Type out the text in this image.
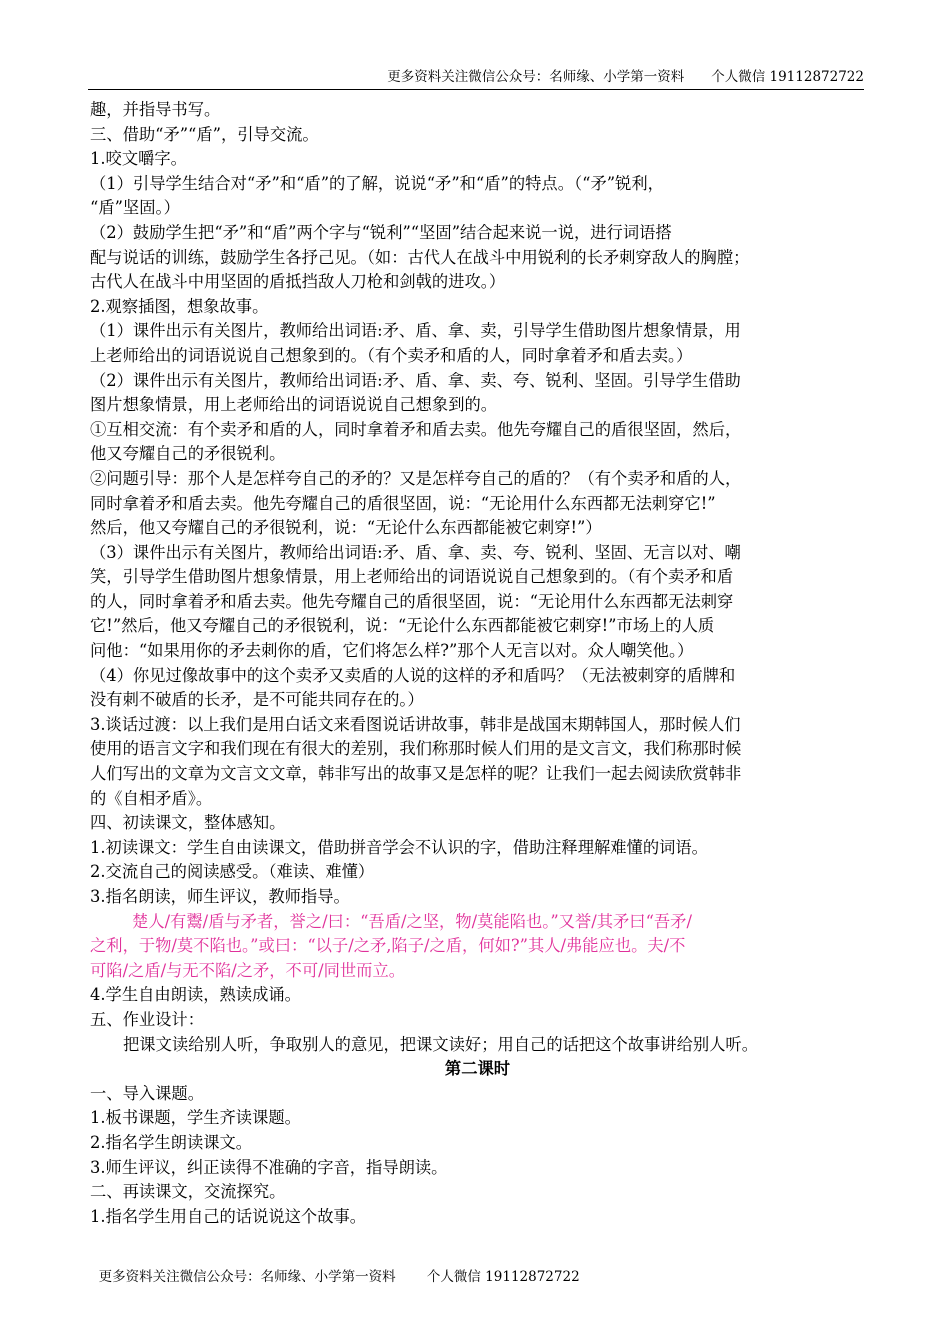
更多资料关注微信公众号：名师缘、小学第一资料　　个人微信 19112872722

趣，并指导书写。

三、借助“矛”“盾”，引导交流。

1.咬文嚼字。

（1）引导学生结合对“矛”和“盾”的了解，说说“矛”和“盾”的特点。（“矛”锐利，

“盾”坚固。）

（2）鼓励学生把“矛”和“盾”两个字与“锐利”“坚固”结合起来说一说，进行词语搭

配与说话的训练，鼓励学生各抒己见。（如：古代人在战斗中用锐利的长矛刺穿敌人的胸膛；

古代人在战斗中用坚固的盾抵挡敌人刀枪和剑戟的进攻。）

2.观察插图，想象故事。

（1）课件出示有关图片，教师给出词语:矛、盾、拿、卖，引导学生借助图片想象情景，用

上老师给出的词语说说自己想象到的。（有个卖矛和盾的人，同时拿着矛和盾去卖。）

（2）课件出示有关图片，教师给出词语:矛、盾、拿、卖、夸、锐利、坚固。引导学生借助

图片想象情景，用上老师给出的词语说说自己想象到的。

①互相交流：有个卖矛和盾的人，同时拿着矛和盾去卖。他先夸耀自己的盾很坚固，然后，

他又夸耀自己的矛很锐利。

②问题引导：那个人是怎样夸自己的矛的？又是怎样夸自己的盾的？（有个卖矛和盾的人，

同时拿着矛和盾去卖。他先夸耀自己的盾很坚固，说：“无论用什么东西都无法刺穿它!”

然后，他又夸耀自己的矛很锐利，说：“无论什么东西都能被它刺穿!”）

（3）课件出示有关图片，教师给出词语:矛、盾、拿、卖、夸、锐利、坚固、无言以对、嘲

笑，引导学生借助图片想象情景，用上老师给出的词语说说自己想象到的。（有个卖矛和盾

的人，同时拿着矛和盾去卖。他先夸耀自己的盾很坚固，说：“无论用什么东西都无法刺穿

它!”然后，他又夸耀自己的矛很锐利，说：“无论什么东西都能被它刺穿!”市场上的人质

问他：“如果用你的矛去刺你的盾，它们将怎么样?”那个人无言以对。众人嘲笑他。）

（4）你见过像故事中的这个卖矛又卖盾的人说的这样的矛和盾吗？（无法被刺穿的盾牌和

没有刺不破盾的长矛，是不可能共同存在的。）

3.谈话过渡：以上我们是用白话文来看图说话讲故事，韩非是战国末期韩国人，那时候人们

使用的语言文字和我们现在有很大的差别，我们称那时候人们用的是文言文，我们称那时候

人们写出的文章为文言文文章，韩非写出的故事又是怎样的呢？让我们一起去阅读欣赏韩非

的《自相矛盾》。

四、初读课文，整体感知。

1.初读课文：学生自由读课文，借助拼音学会不认识的字，借助注释理解难懂的词语。

2.交流自己的阅读感受。（难读、难懂）

3.指名朗读，师生评议，教师指导。

楚人/有鬻/盾与矛者，誉之/曰：“吾盾/之坚，物/莫能陷也。”又誉/其矛曰“吾矛/

之利，于物/莫不陷也。”或曰：“以子/之矛,陷子/之盾，何如?”其人/弗能应也。夫/不

可陷/之盾/与无不陷/之矛，不可/同世而立。

4.学生自由朗读，熟读成诵。

五、作业设计：

把课文读给别人听，争取别人的意见，把课文读好；用自己的话把这个故事讲给别人听。

第二课时

一、导入课题。

1.板书课题，学生齐读课题。

2.指名学生朗读课文。

3.师生评议，纠正读得不准确的字音，指导朗读。

二、再读课文，交流探究。

1.指名学生用自己的话说说这个故事。

更多资料关注微信公众号：名师缘、小学第一资料　　 个人微信 19112872722
